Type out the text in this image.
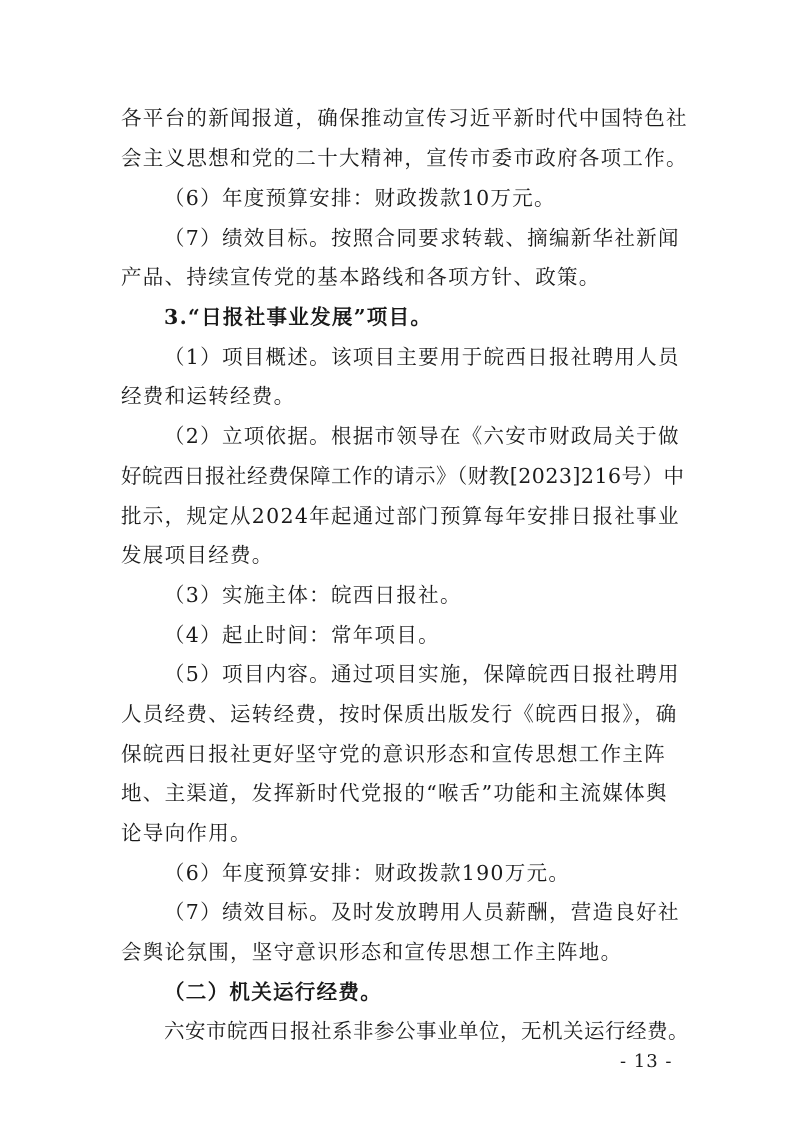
各平台的新闻报道，确保推动宣传习近平新时代中国特色社
会主义思想和党的二十大精神，宣传市委市政府各项工作。
（6）年度预算安排：财政拨款10万元。
（7）绩效目标。按照合同要求转载、摘编新华社新闻
产品、持续宣传党的基本路线和各项方针、政策。
3.“日报社事业发展”项目。
（1）项目概述。该项目主要用于皖西日报社聘用人员
经费和运转经费。
（2）立项依据。根据市领导在《六安市财政局关于做
好皖西日报社经费保障工作的请示》（财教[2023]216号）中
批示，规定从2024年起通过部门预算每年安排日报社事业
发展项目经费。
（3）实施主体：皖西日报社。
（4）起止时间：常年项目。
（5）项目内容。通过项目实施，保障皖西日报社聘用
人员经费、运转经费，按时保质出版发行《皖西日报》，确
保皖西日报社更好坚守党的意识形态和宣传思想工作主阵
地、主渠道，发挥新时代党报的“喉舌”功能和主流媒体舆
论导向作用。
（6）年度预算安排：财政拨款190万元。
（7）绩效目标。及时发放聘用人员薪酬，营造良好社
会舆论氛围，坚守意识形态和宣传思想工作主阵地。
（二）机关运行经费。
六安市皖西日报社系非参公事业单位，无机关运行经费。
- 13 -
